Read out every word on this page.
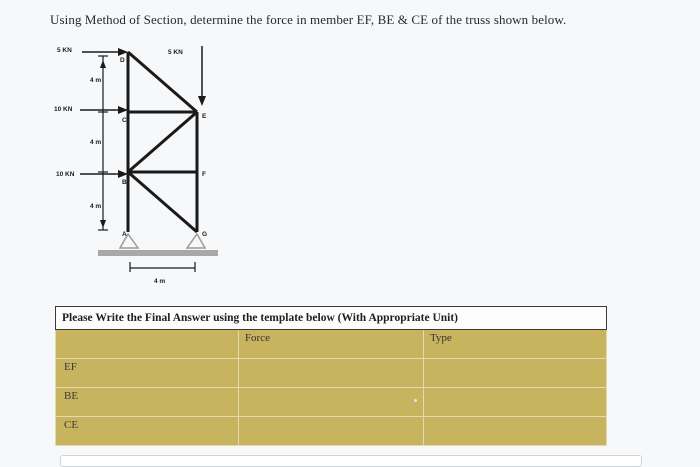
Using Method of Section, determine the force in member EF, BE & CE of the truss shown below.
5 KN	5 KN
10 KN
10 KN
4 m
4 m
4 m
4 m
D
E
C
F
B
A	G
Please Write the Final Answer using the template below (With Appropriate Unit)		
	Force	Type
EF		
BE		
CE		
